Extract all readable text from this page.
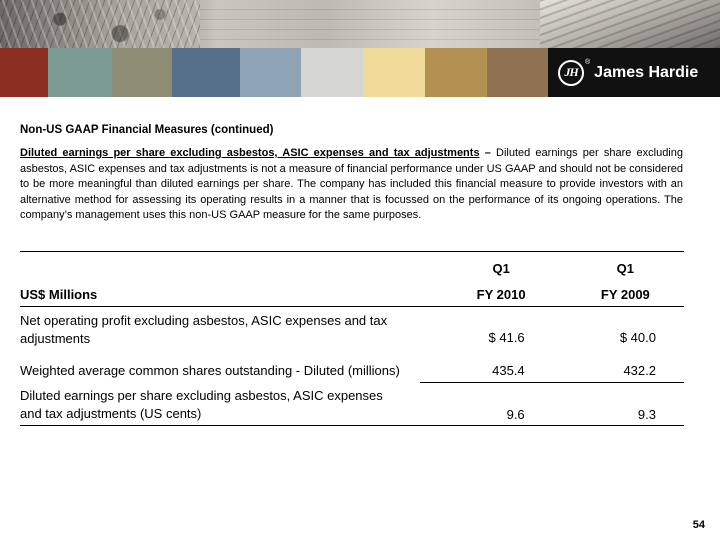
JH
®
James Hardie
Non-US GAAP Financial Measures (continued)
Diluted earnings per share excluding asbestos, ASIC expenses and tax adjustments – Diluted earnings per share excluding asbestos, ASIC expenses and tax adjustments is not a measure of financial performance under US GAAP and should not be considered to be more meaningful than diluted earnings per share. The company has included this financial measure to provide investors with an alternative method for assessing its operating results in a manner that is focussed on the performance of its ongoing operations. The company’s management uses this non-US GAAP measure for the same purposes.
	Q1	Q1
US$ Millions	FY 2010	FY 2009

Net operating profit excluding asbestos, ASIC expenses and tax
adjustments	$ 41.6	$ 40.0

Weighted average common shares outstanding - Diluted (millions)	435.4	432.2

Diluted earnings per share excluding asbestos, ASIC expenses
and tax adjustments (US cents)	9.6	9.3
54
